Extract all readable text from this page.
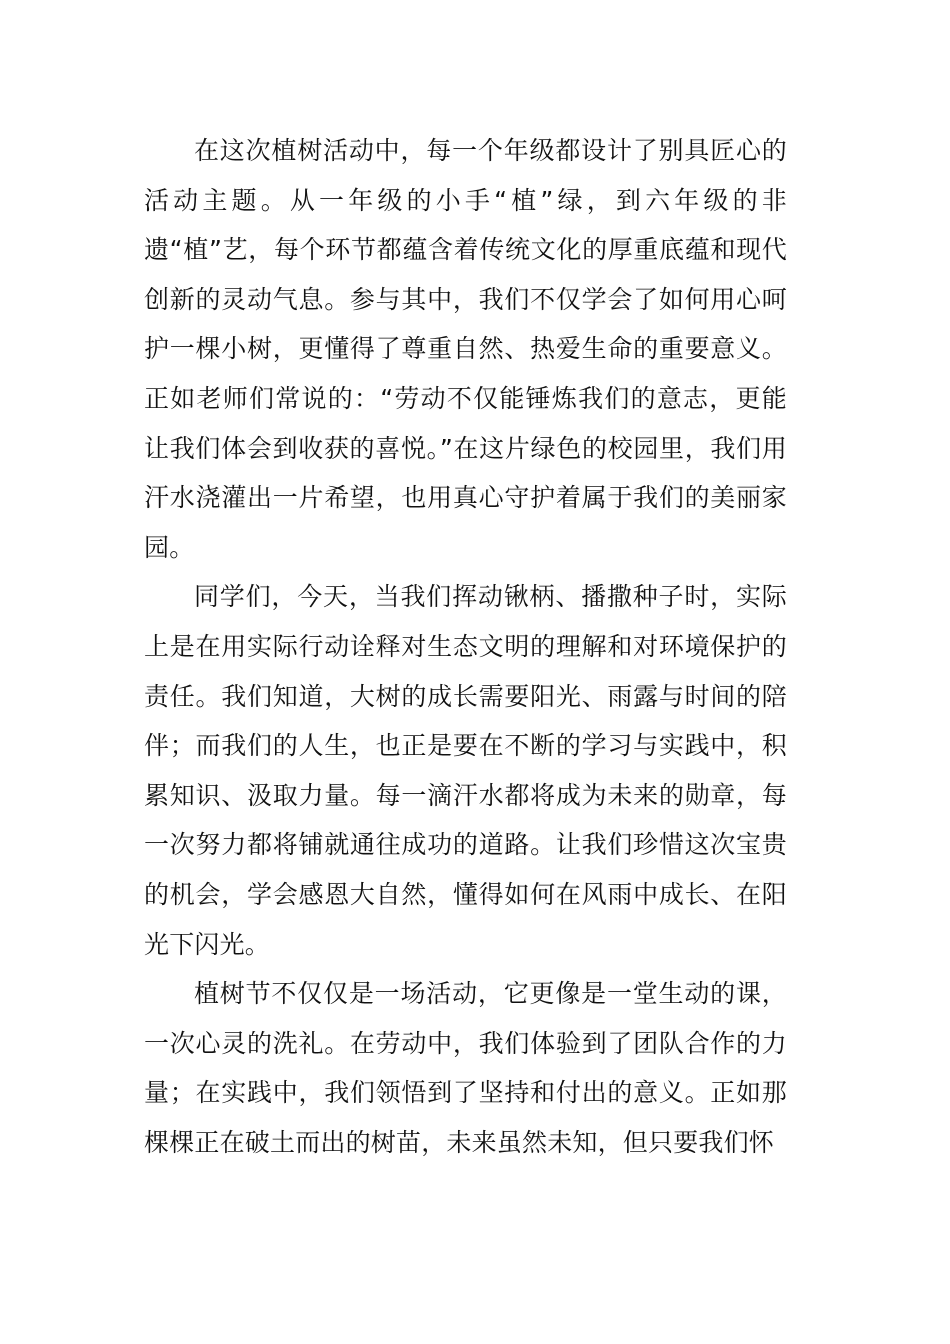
在这次植树活动中，每一个年级都设计了别具匠心的活动主题。从一年级的小手“植”绿，到六年级的非遗“植”艺，每个环节都蕴含着传统文化的厚重底蕴和现代创新的灵动气息。参与其中，我们不仅学会了如何用心呵护一棵小树，更懂得了尊重自然、热爱生命的重要意义。正如老师们常说的：“劳动不仅能锤炼我们的意志，更能让我们体会到收获的喜悦。”在这片绿色的校园里，我们用汗水浇灌出一片希望，也用真心守护着属于我们的美丽家园。

同学们，今天，当我们挥动锹柄、播撒种子时，实际上是在用实际行动诠释对生态文明的理解和对环境保护的责任。我们知道，大树的成长需要阳光、雨露与时间的陪伴；而我们的人生，也正是要在不断的学习与实践中，积累知识、汲取力量。每一滴汗水都将成为未来的勋章，每一次努力都将铺就通往成功的道路。让我们珍惜这次宝贵的机会，学会感恩大自然，懂得如何在风雨中成长、在阳光下闪光。

植树节不仅仅是一场活动，它更像是一堂生动的课，一次心灵的洗礼。在劳动中，我们体验到了团队合作的力量；在实践中，我们领悟到了坚持和付出的意义。正如那棵棵正在破土而出的树苗，未来虽然未知，但只要我们怀
